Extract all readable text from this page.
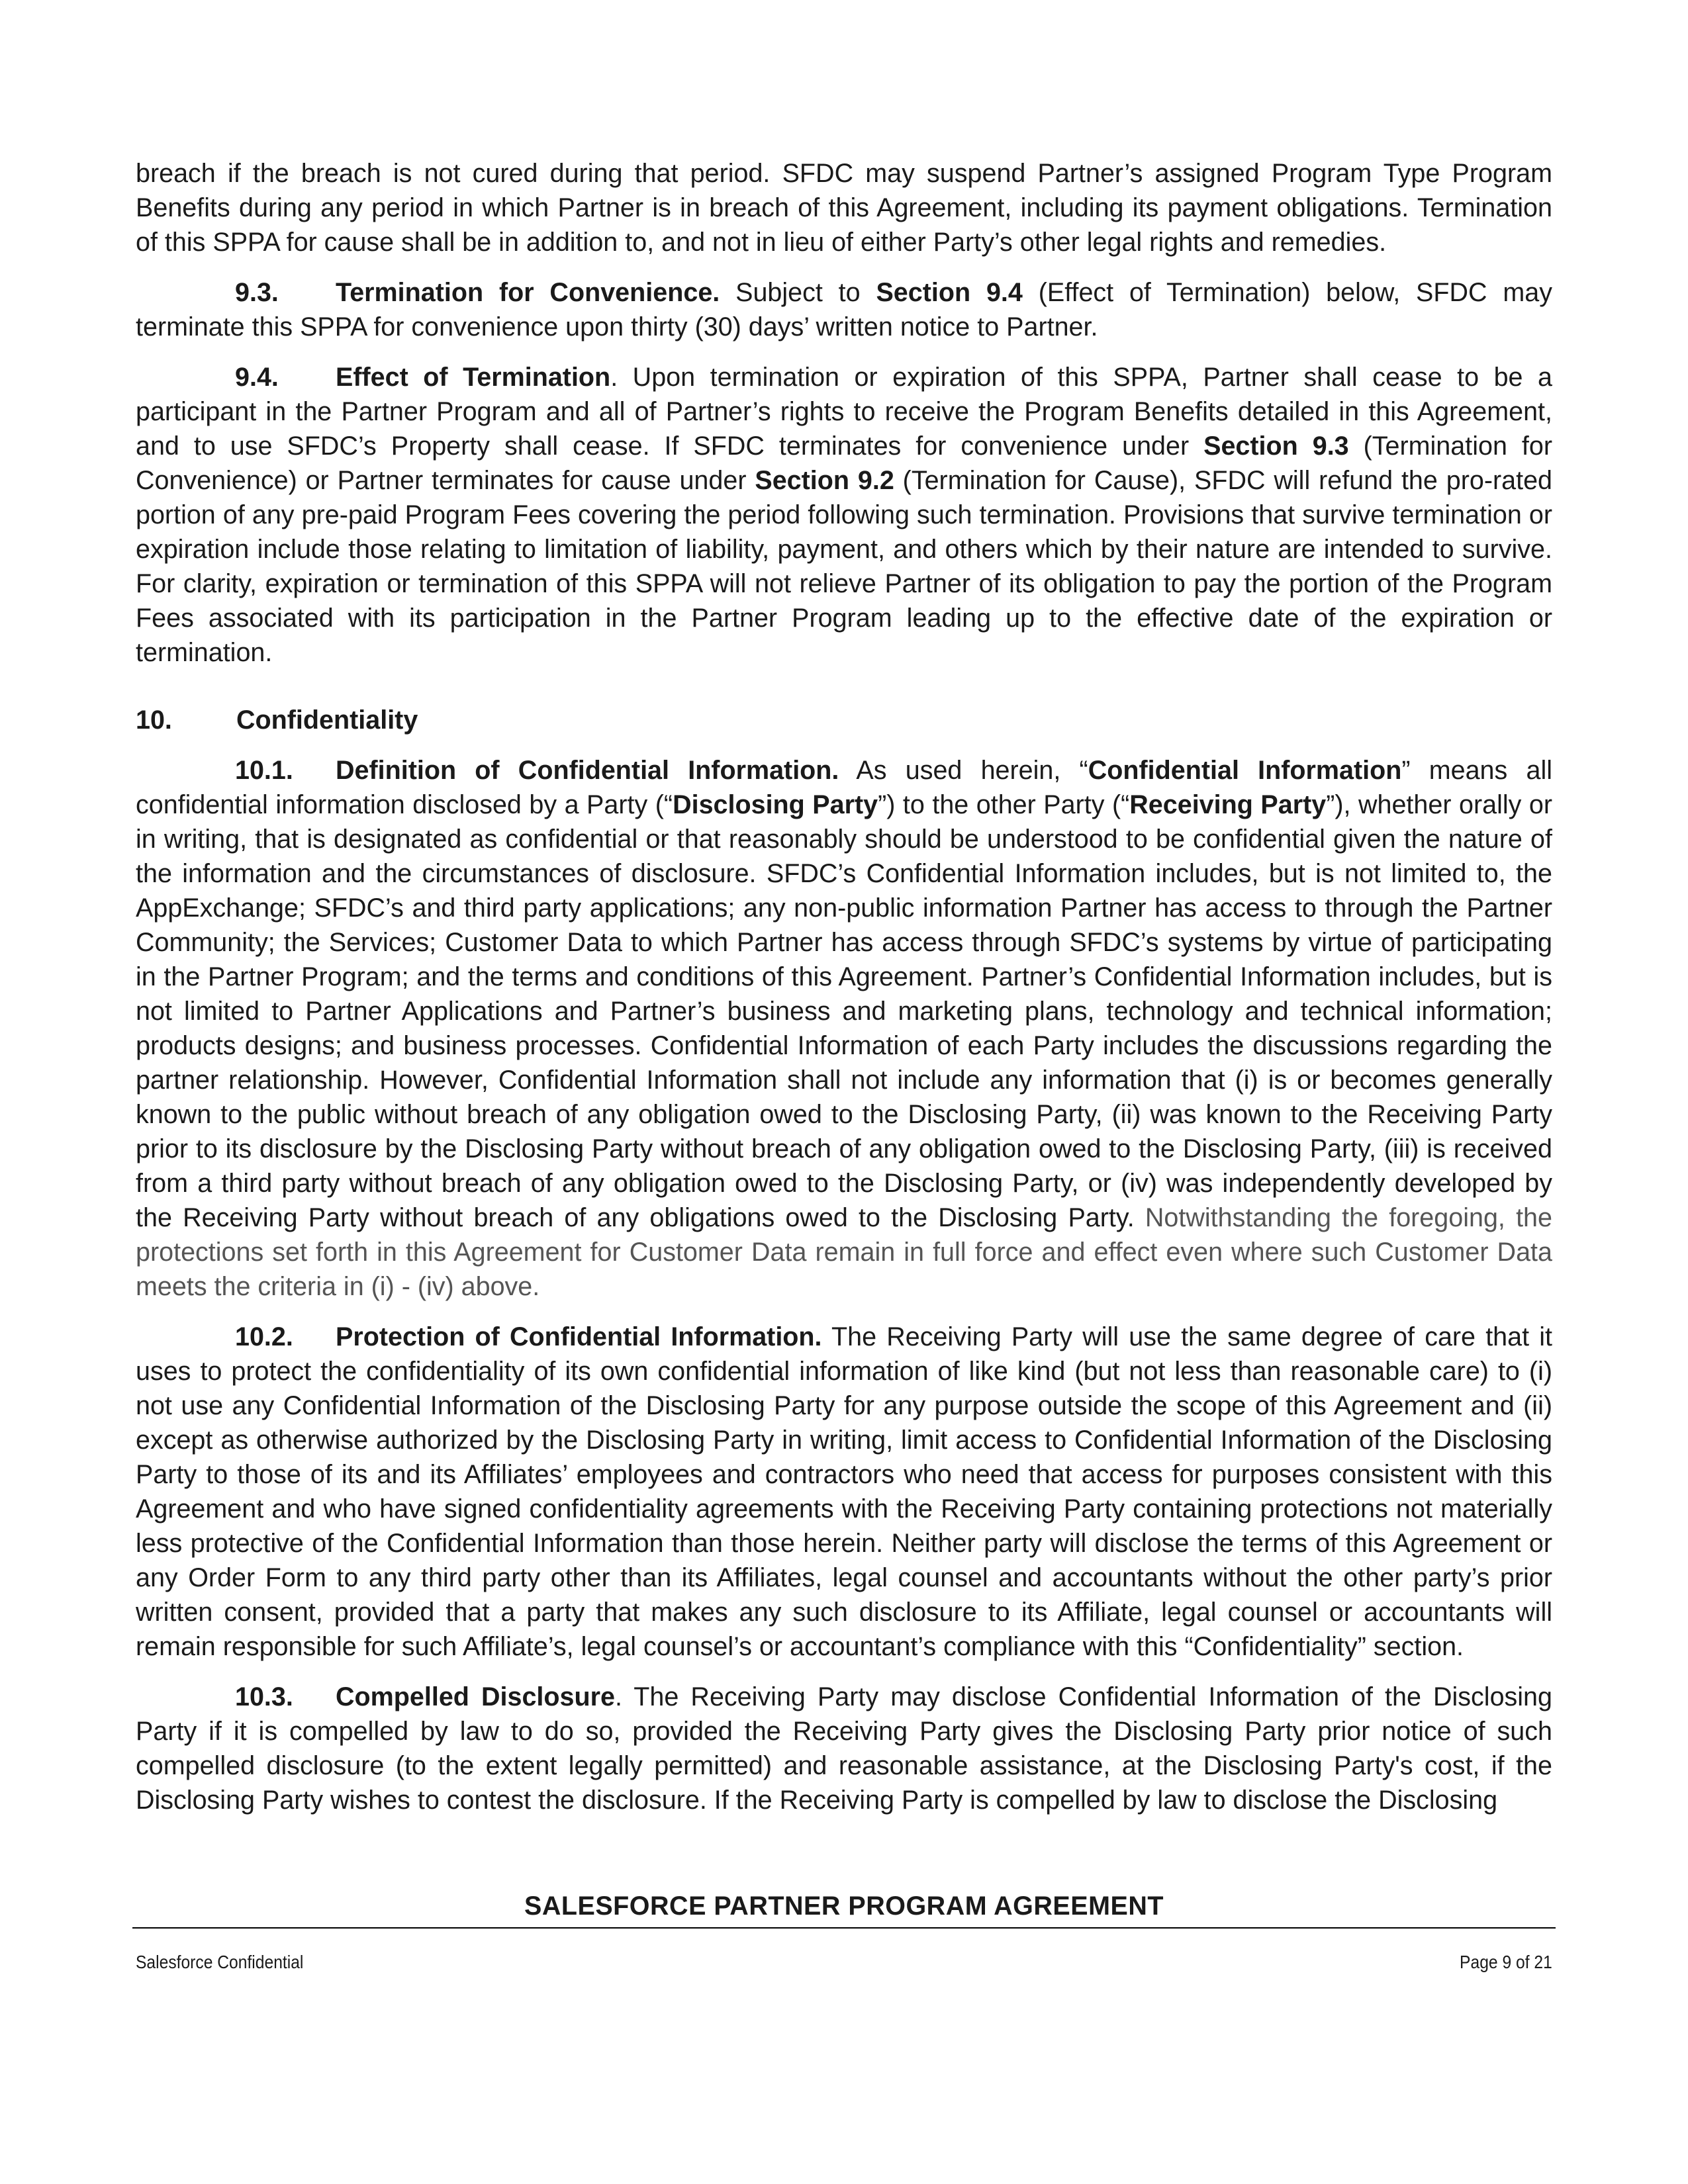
breach if the breach is not cured during that period. SFDC may suspend Partner’s assigned Program Type Program Benefits during any period in which Partner is in breach of this Agreement, including its payment obligations. Termination of this SPPA for cause shall be in addition to, and not in lieu of either Party’s other legal rights and remedies.

9.3. Termination for Convenience. Subject to Section 9.4 (Effect of Termination) below, SFDC may terminate this SPPA for convenience upon thirty (30) days’ written notice to Partner.

9.4. Effect of Termination. Upon termination or expiration of this SPPA, Partner shall cease to be a participant in the Partner Program and all of Partner’s rights to receive the Program Benefits detailed in this Agreement, and to use SFDC’s Property shall cease. If SFDC terminates for convenience under Section 9.3 (Termination for Convenience) or Partner terminates for cause under Section 9.2 (Termination for Cause), SFDC will refund the pro-rated portion of any pre-paid Program Fees covering the period following such termination. Provisions that survive termination or expiration include those relating to limitation of liability, payment, and others which by their nature are intended to survive. For clarity, expiration or termination of this SPPA will not relieve Partner of its obligation to pay the portion of the Program Fees associated with its participation in the Partner Program leading up to the effective date of the expiration or termination.

10. Confidentiality

10.1. Definition of Confidential Information. As used herein, “Confidential Information” means all confidential information disclosed by a Party (“Disclosing Party”) to the other Party (“Receiving Party”), whether orally or in writing, that is designated as confidential or that reasonably should be understood to be confidential given the nature of the information and the circumstances of disclosure. SFDC’s Confidential Information includes, but is not limited to, the AppExchange; SFDC’s and third party applications; any non-public information Partner has access to through the Partner Community; the Services; Customer Data to which Partner has access through SFDC’s systems by virtue of participating in the Partner Program; and the terms and conditions of this Agreement. Partner’s Confidential Information includes, but is not limited to Partner Applications and Partner’s business and marketing plans, technology and technical information; products designs; and business processes. Confidential Information of each Party includes the discussions regarding the partner relationship. However, Confidential Information shall not include any information that (i) is or becomes generally known to the public without breach of any obligation owed to the Disclosing Party, (ii) was known to the Receiving Party prior to its disclosure by the Disclosing Party without breach of any obligation owed to the Disclosing Party, (iii) is received from a third party without breach of any obligation owed to the Disclosing Party, or (iv) was independently developed by the Receiving Party without breach of any obligations owed to the Disclosing Party. Notwithstanding the foregoing, the protections set forth in this Agreement for Customer Data remain in full force and effect even where such Customer Data meets the criteria in (i) - (iv) above.

10.2. Protection of Confidential Information. The Receiving Party will use the same degree of care that it uses to protect the confidentiality of its own confidential information of like kind (but not less than reasonable care) to (i) not use any Confidential Information of the Disclosing Party for any purpose outside the scope of this Agreement and (ii) except as otherwise authorized by the Disclosing Party in writing, limit access to Confidential Information of the Disclosing Party to those of its and its Affiliates’ employees and contractors who need that access for purposes consistent with this Agreement and who have signed confidentiality agreements with the Receiving Party containing protections not materially less protective of the Confidential Information than those herein. Neither party will disclose the terms of this Agreement or any Order Form to any third party other than its Affiliates, legal counsel and accountants without the other party’s prior written consent, provided that a party that makes any such disclosure to its Affiliate, legal counsel or accountants will remain responsible for such Affiliate’s, legal counsel’s or accountant’s compliance with this “Confidentiality” section.

10.3. Compelled Disclosure. The Receiving Party may disclose Confidential Information of the Disclosing Party if it is compelled by law to do so, provided the Receiving Party gives the Disclosing Party prior notice of such compelled disclosure (to the extent legally permitted) and reasonable assistance, at the Disclosing Party's cost, if the Disclosing Party wishes to contest the disclosure. If the Receiving Party is compelled by law to disclose the Disclosing

SALESFORCE PARTNER PROGRAM AGREEMENT
Salesforce Confidential	Page 9 of 21
